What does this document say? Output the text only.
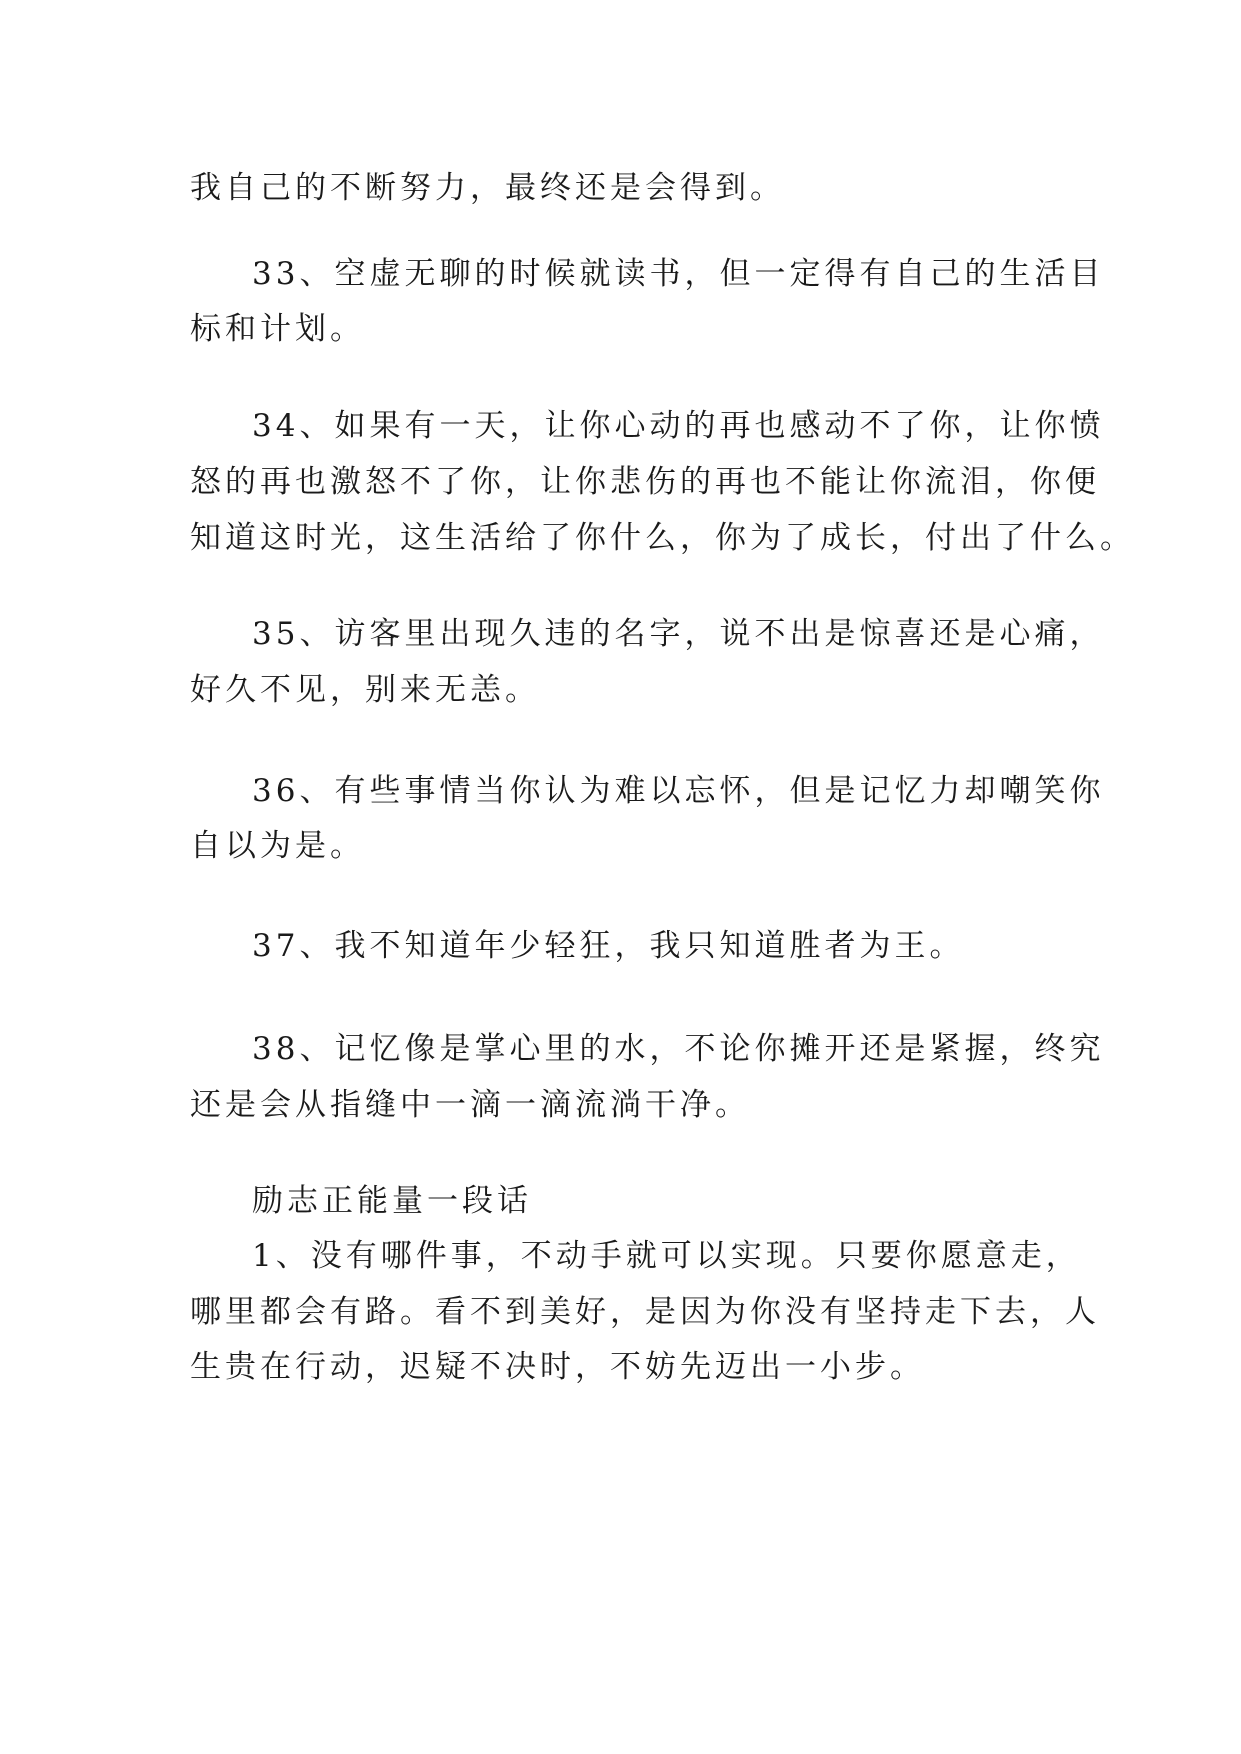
我自己的不断努力，最终还是会得到。
33、空虚无聊的时候就读书，但一定得有自己的生活目
标和计划。
34、如果有一天，让你心动的再也感动不了你，让你愤
怒的再也激怒不了你，让你悲伤的再也不能让你流泪，你便
知道这时光，这生活给了你什么，你为了成长，付出了什么。
35、访客里出现久违的名字，说不出是惊喜还是心痛，
好久不见，别来无恙。
36、有些事情当你认为难以忘怀，但是记忆力却嘲笑你
自以为是。
37、我不知道年少轻狂，我只知道胜者为王。
38、记忆像是掌心里的水，不论你摊开还是紧握，终究
还是会从指缝中一滴一滴流淌干净。
励志正能量一段话
1、没有哪件事，不动手就可以实现。只要你愿意走，
哪里都会有路。看不到美好，是因为你没有坚持走下去，人
生贵在行动，迟疑不决时，不妨先迈出一小步。
